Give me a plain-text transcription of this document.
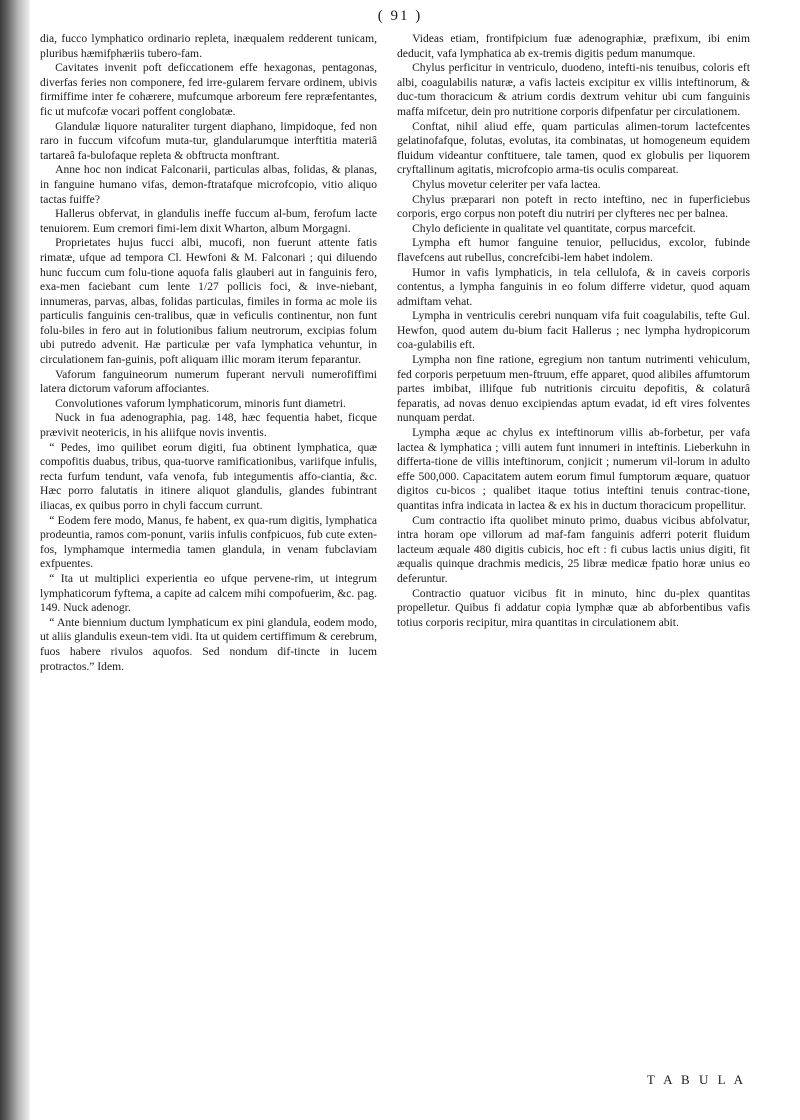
( 91 )

dia, fucco lymphatico ordinario repleta, inæqualem redderent tunicam, pluribus hæmifphæriis tubero-fam.

Cavitates invenit poft deficcationem effe hexagonas, pentagonas, diverfas feries non componere, fed irre-gularem fervare ordinem, ubivis firmiffime inter fe cohærere, mufcumque arboreum fere repræfentantes, fic ut mufcofæ vocari poffent conglobatæ.

Glandulæ liquore naturaliter turgent diaphano, limpidoque, fed non raro in fuccum vifcofum muta-tur, glandularumque interftitia materiâ tartareâ fa-bulofaque repleta & obftructa monftrant.

Anne hoc non indicat Falconarii, particulas albas, folidas, & planas, in fanguine humano vifas, demon-ftratafque microfcopio, vitio aliquo tactas fuiffe?

Hallerus obfervat, in glandulis ineffe fuccum al-bum, ferofum lacte tenuiorem. Eum cremori fimi-lem dixit Wharton, album Morgagni.

Proprietates hujus fucci albi, mucofi, non fuerunt attente fatis rimatæ, ufque ad tempora Cl. Hewfoni & M. Falconari ; qui diluendo hunc fuccum cum folu-tione aquofa falis glauberi aut in fanguinis fero, exa-men faciebant cum lente 1/27 pollicis foci, & inve-niebant, innumeras, parvas, albas, folidas particulas, fimiles in forma ac mole iis particulis fanguinis cen-tralibus, quæ in veficulis continentur, non funt folu-biles in fero aut in folutionibus falium neutrorum, excipias folum ubi putredo advenit. Hæ particulæ per vafa lymphatica vehuntur, in circulationem fan-guinis, poft aliquam illic moram iterum feparantur.

Vaforum fanguineorum numerum fuperant nervuli numerofiffimi latera dictorum vaforum affociantes.

Convolutiones vaforum lymphaticorum, minoris funt diametri.

Nuck in fua adenographia, pag. 148, hæc fequentia habet, ficque prævivit neotericis, in his aliifque novis inventis.

“ Pedes, imo quilibet eorum digiti, fua obtinent lymphatica, quæ compofitis duabus, tribus, qua-tuorve ramificationibus, variifque infulis, recta furfum tendunt, vafa venofa, fub integumentis affo-ciantia, &c. Hæc porro falutatis in itinere aliquot glandulis, glandes fubintrant iliacas, ex quibus porro in chyli faccum currunt.

“ Eodem fere modo, Manus, fe habent, ex qua-rum digitis, lymphatica prodeuntia, ramos com-ponunt, variis infulis confpicuos, fub cute exten-fos, lymphamque intermedia tamen glandula, in venam fubclaviam exfpuentes.

“ Ita ut multiplici experientia eo ufque pervene-rim, ut integrum lymphaticorum fyftema, a capite ad calcem mihi compofuerim, &c. pag. 149. Nuck adenogr.

“ Ante biennium ductum lymphaticum ex pini glandula, eodem modo, ut aliis glandulis exeun-tem vidi. Ita ut quidem certiffimum & cerebrum, fuos habere rivulos aquofos. Sed nondum dif-tincte in lucem protractos.” Idem.

Videas etiam, frontifpicium fuæ adenographiæ, præfixum, ibi enim deducit, vafa lymphatica ab ex-tremis digitis pedum manumque.

Chylus perficitur in ventriculo, duodeno, intefti-nis tenuibus, coloris eft albi, coagulabilis naturæ, a vafis lacteis excipitur ex villis inteftinorum, & duc-tum thoracicum & atrium cordis dextrum vehitur ubi cum fanguinis maffa mifcetur, dein pro nutritione corporis difpenfatur per circulationem.

Conftat, nihil aliud effe, quam particulas alimen-torum lactefcentes gelatinofafque, folutas, evolutas, ita combinatas, ut homogeneum equidem fluidum videantur conftituere, tale tamen, quod ex globulis per liquorem cryftallinum agitatis, microfcopio arma-tis oculis compareat.

Chylus movetur celeriter per vafa lactea.

Chylus præparari non poteft in recto inteftino, nec in fuperficiebus corporis, ergo corpus non poteft diu nutriri per clyfteres nec per balnea.

Chylo deficiente in qualitate vel quantitate, corpus marcefcit.

Lympha eft humor fanguine tenuior, pellucidus, excolor, fubinde flavefcens aut rubellus, concrefcibi-lem habet indolem.

Humor in vafis lymphaticis, in tela cellulofa, & in caveis corporis contentus, a lympha fanguinis in eo folum differre videtur, quod aquam admiftam vehat.

Lympha in ventriculis cerebri nunquam vifa fuit coagulabilis, tefte Gul. Hewfon, quod autem du-bium facit Hallerus ; nec lympha hydropicorum coa-gulabilis eft.

Lympha non fine ratione, egregium non tantum nutrimenti vehiculum, fed corporis perpetuum men-ftruum, effe apparet, quod alibiles affumtorum partes imbibat, illifque fub nutritionis circuitu depofitis, & colaturâ feparatis, ad novas denuo excipiendas aptum evadat, id eft vires folventes nunquam perdat.

Lympha æque ac chylus ex inteftinorum villis ab-forbetur, per vafa lactea & lymphatica ; villi autem funt innumeri in inteftinis. Lieberkuhn in differta-tione de villis inteftinorum, conjicit ; numerum vil-lorum in adulto effe 500,000. Capacitatem autem eorum fimul fumptorum æquare, quatuor digitos cu-bicos ; qualibet itaque totius inteftini tenuis contrac-tione, quantitas infra indicata in lactea & ex his in ductum thoracicum propellitur.

Cum contractio ifta quolibet minuto primo, duabus vicibus abfolvatur, intra horam ope villorum ad maf-fam fanguinis adferri poterit fluidum lacteum æquale 480 digitis cubicis, hoc eft : fi cubus lactis unius digiti, fit æqualis quinque drachmis medicis, 25 libræ medicæ fpatio horæ unius eo deferuntur.

Contractio quatuor vicibus fit in minuto, hinc du-plex quantitas propelletur. Quibus fi addatur copia lymphæ quæ ab abforbentibus vafis totius corporis recipitur, mira quantitas in circulationem abit.

T A B U L A
